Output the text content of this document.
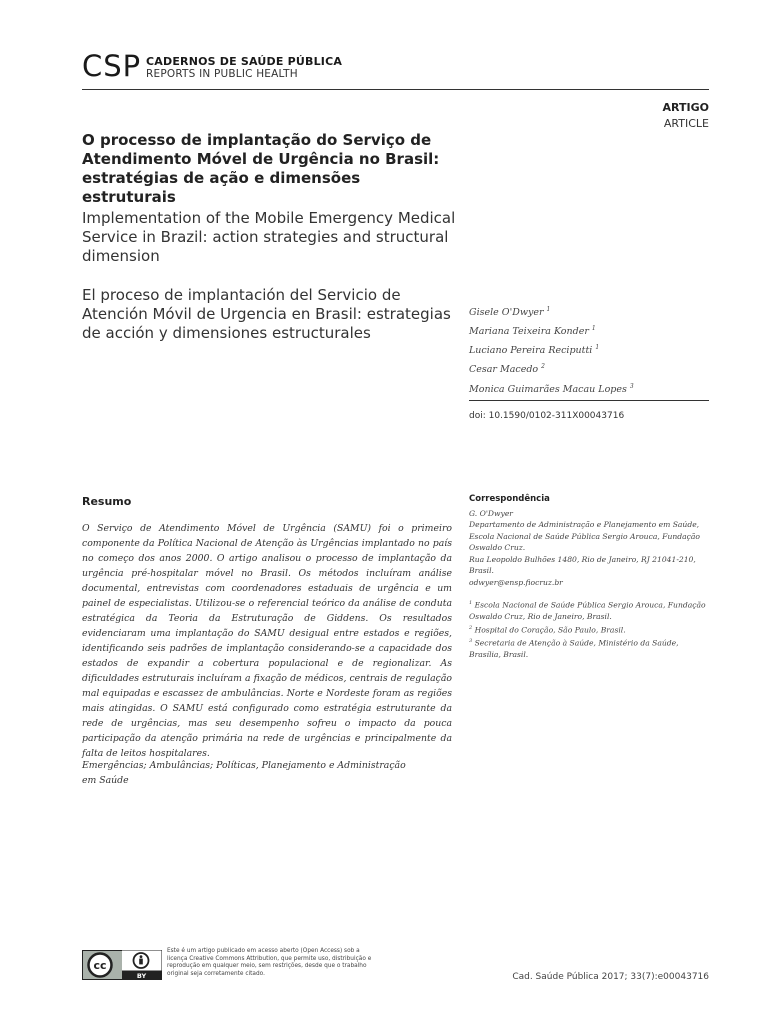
CSP CADERNOS DE SAÚDE PÚBLICA
REPORTS IN PUBLIC HEALTH
ARTIGO
ARTICLE
O processo de implantação do Serviço de Atendimento Móvel de Urgência no Brasil: estratégias de ação e dimensões estruturais
Implementation of the Mobile Emergency Medical Service in Brazil: action strategies and structural dimension
El proceso de implantación del Servicio de Atención Móvil de Urgencia en Brasil: estrategias de acción y dimensiones estructurales
Gisele O'Dwyer $^1$
Mariana Teixeira Konder $^1$
Luciano Pereira Reciputti $^1$
Cesar Macedo $^2$
Monica Guimarães Macau Lopes $^3$
doi: 10.1590/0102-311X00043716
Resumo
O Serviço de Atendimento Móvel de Urgência (SAMU) foi o primeiro componente da Política Nacional de Atenção às Urgências implantado no país no começo dos anos 2000. O artigo analisou o processo de implantação da urgência pré-hospitalar móvel no Brasil. Os métodos incluíram análise documental, entrevistas com coordenadores estaduais de urgência e um painel de especialistas. Utilizou-se o referencial teórico da análise de conduta estratégica da Teoria da Estruturação de Giddens. Os resultados evidenciaram uma implantação do SAMU desigual entre estados e regiões, identificando seis padrões de implantação considerando-se a capacidade dos estados de expandir a cobertura populacional e de regionalizar. As dificuldades estruturais incluíram a fixação de médicos, centrais de regulação mal equipadas e escassez de ambulâncias. Norte e Nordeste foram as regiões mais atingidas. O SAMU está configurado como estratégia estruturante da rede de urgências, mas seu desempenho sofreu o impacto da pouca participação da atenção primária na rede de urgências e principalmente da falta de leitos hospitalares.
Emergências; Ambulâncias; Políticas, Planejamento e Administração em Saúde
Correspondência
G. O'Dwyer
Departamento de Administração e Planejamento em Saúde,
Escola Nacional de Saúde Pública Sergio Arouca, Fundação
Oswaldo Cruz.
Rua Leopoldo Bulhões 1480, Rio de Janeiro, RJ 21041-210,
Brasil.
odwyer@ensp.fiocruz.br
$^1$ Escola Nacional de Saúde Pública Sergio Arouca, Fundação Oswaldo Cruz, Rio de Janeiro, Brasil.
$^2$ Hospital do Coração, São Paulo, Brasil.
$^3$ Secretaria de Atenção à Saúde, Ministério da Saúde, Brasília, Brasil.
cc
BY
Este é um artigo publicado em acesso aberto (Open Access) sob a licença Creative Commons Attribution, que permite uso, distribuição e reprodução em qualquer meio, sem restrições, desde que o trabalho original seja corretamente citado.	Cad. Saúde Pública 2017; 33(7):e00043716
